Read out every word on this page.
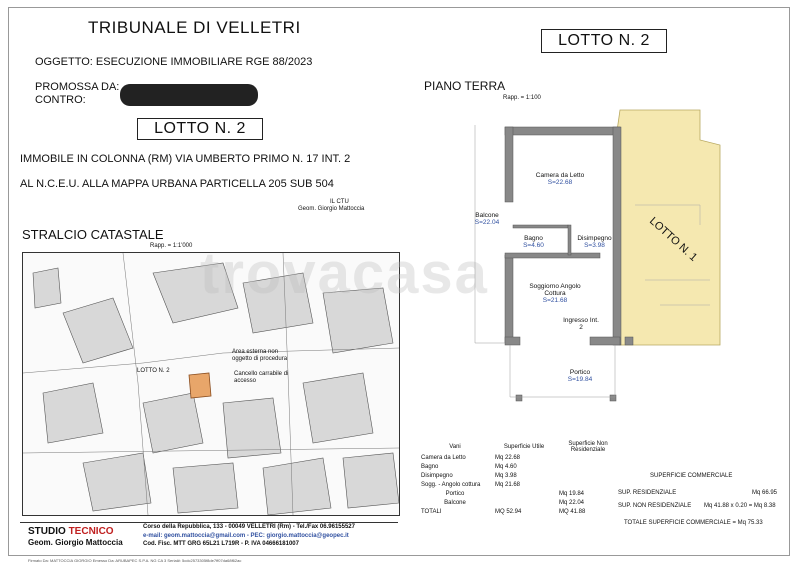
TRIBUNALE DI VELLETRI
OGGETTO: ESECUZIONE IMMOBILIARE RGE 88/2023
PROMOSSA DA:
CONTRO:
LOTTO N. 2
LOTTO N. 2
IMMOBILE IN COLONNA (RM) VIA UMBERTO PRIMO N. 17 INT. 2
AL N.C.E.U. ALLA MAPPA URBANA PARTICELLA 205 SUB 504
IL CTU
Geom. Giorgio Mattoccia
STRALCIO CATASTALE
Rapp. = 1:1'000
LOTTO N. 2
Area esterna non oggetto di procedura
Cancello carrabile di accesso
trovacasa
PIANO TERRA
Rapp. = 1:100
LOTTO N. 1
Camera da Letto
S=22.68
Balcone
S=22.04
Bagno
S=4.60
Disimpegno
S=3.98
Soggiorno Angolo Cottura
S=21.68
Ingresso Int. 2
Portico
S=19.84
Vani	Superficie Utile	Superficie Non Residenziale
Camera da Letto	Mq 22.68	
Bagno	Mq 4.60	
Disimpegno	Mq 3.98	
Sogg. - Angolo cottura	Mq 21.68	
Portico		Mq 19.84
Balcone		Mq 22.04
TOTALI	MQ 52.94	MQ 41.88
SUPERFICIE COMMERCIALE
SUP. RESIDENZIALE	Mq 66.95
SUP. NON RESIDENZIALE Mq 41.88 x 0.20 = Mq 8.38
TOTALE SUPERFICIE COMMERCIALE = Mq 75.33
STUDIO TECNICO
Geom. Giorgio Mattoccia
Corso della Repubblica, 133 - 00049 VELLETRI (Rm) - Tel./Fax 06.96155527
e-mail: geom.mattoccia@gmail.com - PEC: giorgio.mattoccia@geopec.it
Cod. Fisc. MTT GRG 65L21 L719R - P. IVA 04666181007
Firmato Da: MATTOCCIA GIORGIO Emesso Da: ARUBAPEC S.P.A. NG CA 3 Serial#: 5cdc2573305f8de7ff07da68f62ac
